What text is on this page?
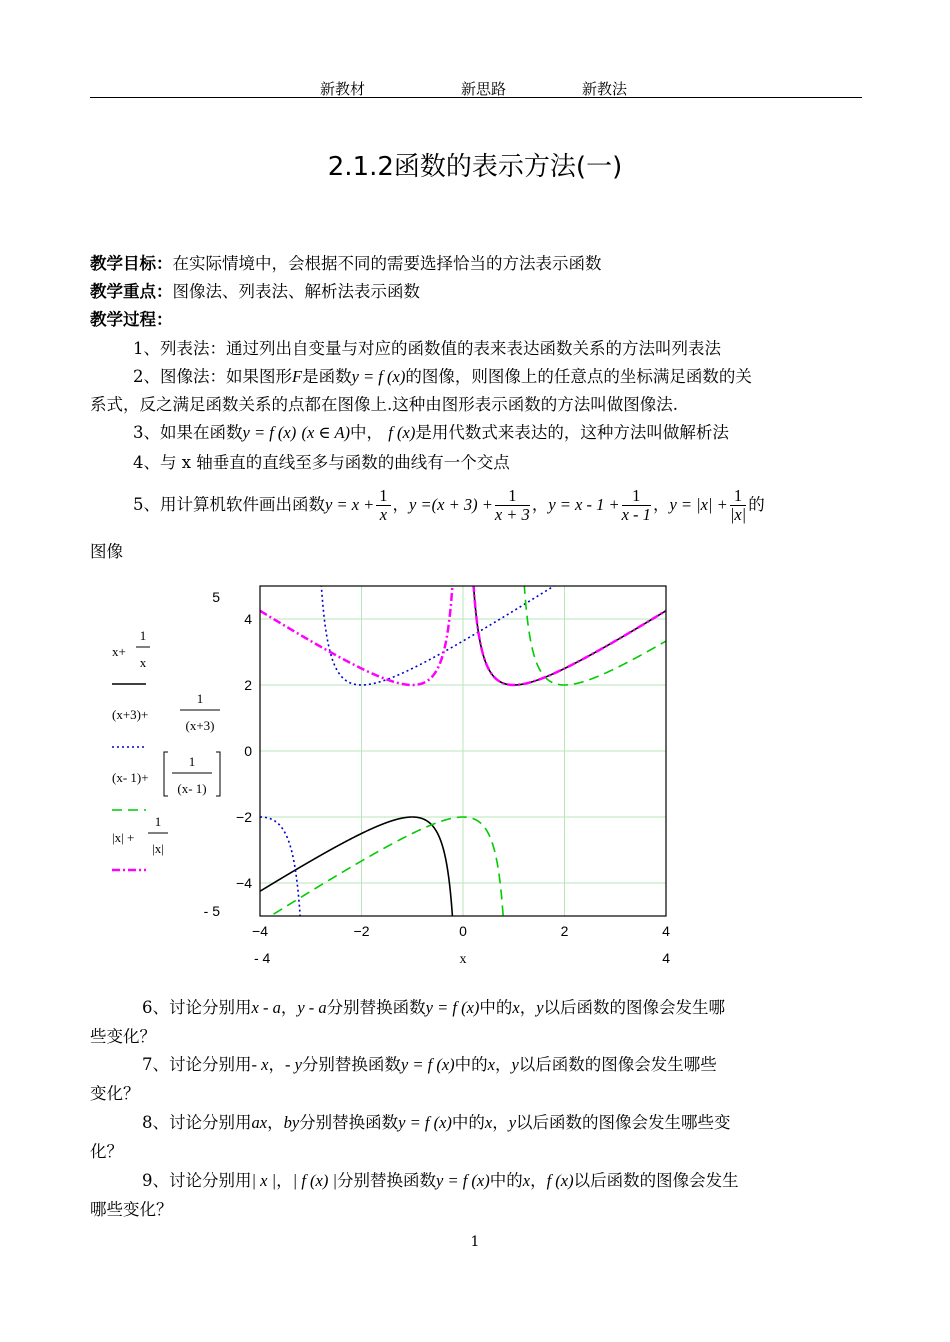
新教材	新思路	新教法
2.1.2函数的表示方法(一)
教学目标：在实际情境中，会根据不同的需要选择恰当的方法表示函数
教学重点：图像法、列表法、解析法表示函数
教学过程：
1、列表法：通过列出自变量与对应的函数值的表来表达函数关系的方法叫列表法
2、图像法：如果图形F是函数y = f (x)的图像，则图像上的任意点的坐标满足函数的关
系式，反之满足函数关系的点都在图像上.这种由图形表示函数的方法叫做图像法.
3、如果在函数y = f (x) (x ∈ A)中， f (x)是用代数式来表达的，这种方法叫做解析法
4、与 x 轴垂直的直线至多与函数的曲线有一个交点
5、用计算机软件画出函数$y = x + \frac{1}{x}$ ，$y =(x + 3) + \frac{1}{x + 3}$ ，$y = x - 1 + \frac{1}{x - 1}$ ，$y = |x| + \frac{1}{|x|}$ 的
图像
4
2
0
−2
−4
5
- 5
−4	−2	0	2	4
- 4	4
x
x+
1
x
(x+3)+
1
(x+3)
(x- 1)+
1
(x- 1)
|x| +
1
|x|
6、讨论分别用x - a，y - a分别替换函数y = f (x)中的x，y以后函数的图像会发生哪
些变化？
7、讨论分别用- x，- y分别替换函数y = f (x)中的x，y以后函数的图像会发生哪些
变化？
8、讨论分别用ax，by分别替换函数y = f (x)中的x，y以后函数的图像会发生哪些变
化？
9、讨论分别用| x |，| f (x) |分别替换函数y = f (x)中的x，f (x)以后函数的图像会发生
哪些变化？
1
